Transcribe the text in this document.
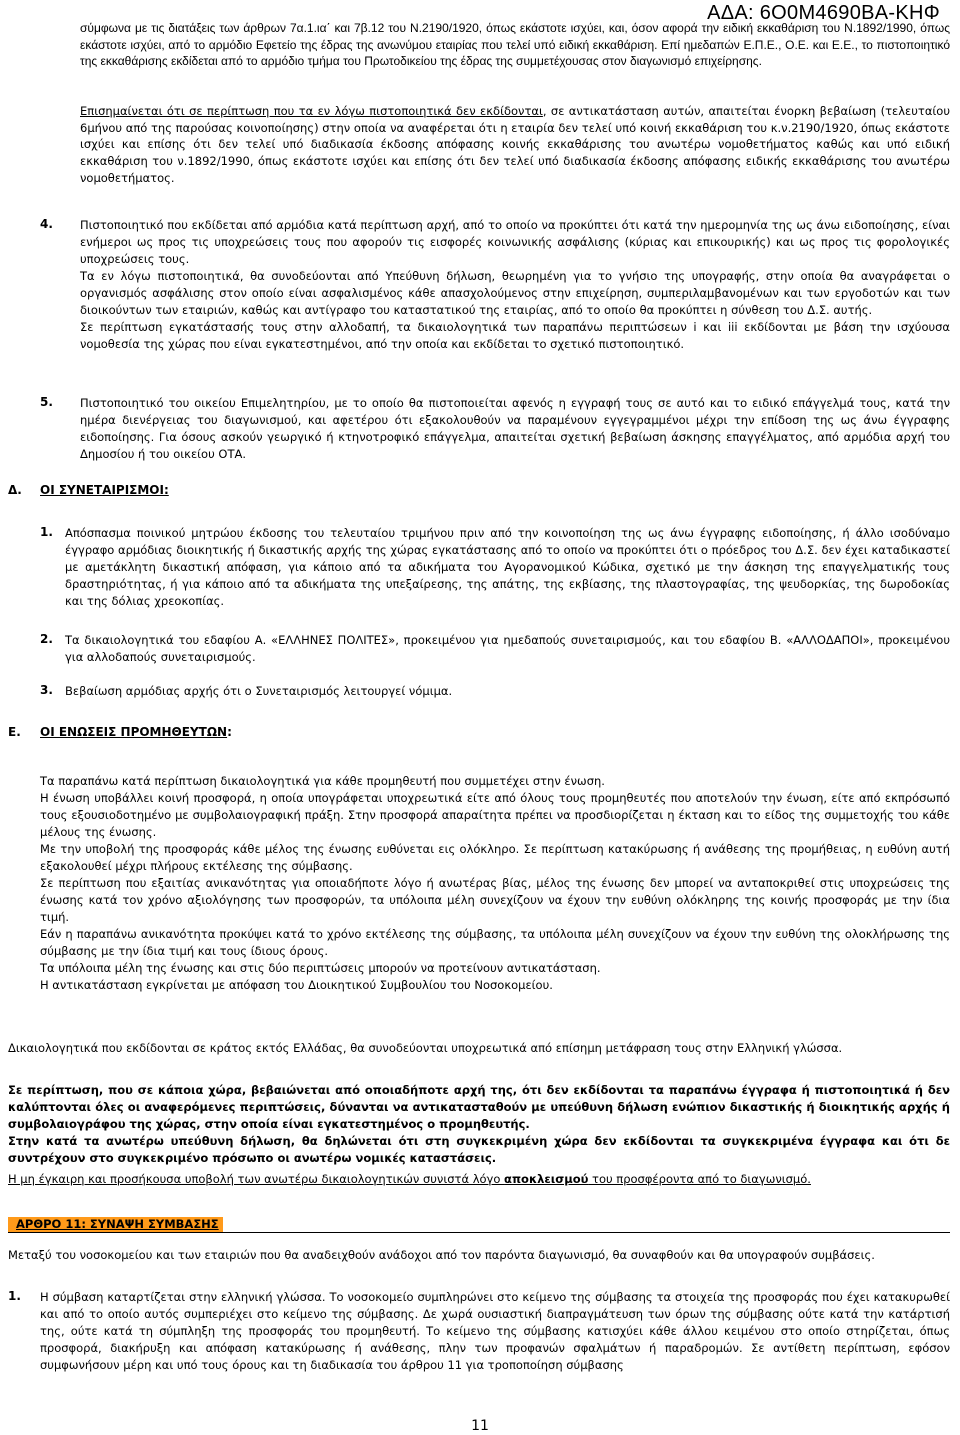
ΑΔΑ: 6Ο0Μ4690ΒΑ-ΚΗΦ

σύμφωνα με τις διατάξεις των άρθρων 7α.1.ια΄ και 7β.12 του Ν.2190/1920, όπως εκάστοτε ισχύει, και, όσον αφορά την ειδική εκκαθάριση του Ν.1892/1990, όπως εκάστοτε ισχύει, από το αρμόδιο Εφετείο της έδρας της ανωνύμου εταιρίας που τελεί υπό ειδική εκκαθάριση. Επί ημεδαπών Ε.Π.Ε., Ο.Ε. και Ε.Ε., το πιστοποιητικό της εκκαθάρισης εκδίδεται από το αρμόδιο τμήμα του Πρωτοδικείου της έδρας της συμμετέχουσας στον διαγωνισμό επιχείρησης.

Επισημαίνεται ότι σε περίπτωση που τα εν λόγω πιστοποιητικά δεν εκδίδονται, σε αντικατάσταση αυτών, απαιτείται ένορκη βεβαίωση (τελευταίου 6μήνου από της παρούσας κοινοποίησης) στην οποία να αναφέρεται ότι η εταιρία δεν τελεί υπό κοινή εκκαθάριση του κ.ν.2190/1920, όπως εκάστοτε ισχύει και επίσης ότι δεν τελεί υπό διαδικασία έκδοσης απόφασης κοινής εκκαθάρισης του ανωτέρω νομοθετήματος καθώς και υπό ειδική εκκαθάριση του ν.1892/1990, όπως εκάστοτε ισχύει και επίσης ότι δεν τελεί υπό διαδικασία έκδοσης απόφασης ειδικής εκκαθάρισης του ανωτέρω νομοθετήματος.

4. Πιστοποιητικό που εκδίδεται από αρμόδια κατά περίπτωση αρχή, από το οποίο να προκύπτει ότι κατά την ημερομηνία της ως άνω ειδοποίησης, είναι ενήμεροι ως προς τις υποχρεώσεις τους που αφορούν τις εισφορές κοινωνικής ασφάλισης (κύριας και επικουρικής) και ως προς τις φορολογικές υποχρεώσεις τους.

Τα εν λόγω πιστοποιητικά, θα συνοδεύονται από Υπεύθυνη δήλωση, θεωρημένη για το γνήσιο της υπογραφής, στην οποία θα αναγράφεται ο οργανισμός ασφάλισης στον οποίο είναι ασφαλισμένος κάθε απασχολούμενος στην επιχείρηση, συμπεριλαμβανομένων και των εργοδοτών και των διοικούντων των εταιριών, καθώς και αντίγραφο του καταστατικού της εταιρίας, από το οποίο θα προκύπτει η σύνθεση του Δ.Σ. αυτής.

Σε περίπτωση εγκατάστασής τους στην αλλοδαπή, τα δικαιολογητικά των παραπάνω περιπτώσεων i και iii εκδίδονται με βάση την ισχύουσα νομοθεσία της χώρας που είναι εγκατεστημένοι, από την οποία και εκδίδεται το σχετικό πιστοποιητικό.

5. Πιστοποιητικό του οικείου Επιμελητηρίου, με το οποίο θα πιστοποιείται αφενός η εγγραφή τους σε αυτό και το ειδικό επάγγελμά τους, κατά την ημέρα διενέργειας του διαγωνισμού, και αφετέρου ότι εξακολουθούν να παραμένουν εγγεγραμμένοι μέχρι την επίδοση της ως άνω έγγραφης ειδοποίησης. Για όσους ασκούν γεωργικό ή κτηνοτροφικό επάγγελμα, απαιτείται σχετική βεβαίωση άσκησης επαγγέλματος, από αρμόδια αρχή του Δημοσίου ή του οικείου ΟΤΑ.

Δ. ΟΙ ΣΥΝΕΤΑΙΡΙΣΜΟΙ:
1. Απόσπασμα ποινικού μητρώου έκδοσης του τελευταίου τριμήνου πριν από την κοινοποίηση της ως άνω έγγραφης ειδοποίησης, ή άλλο ισοδύναμο έγγραφο αρμόδιας διοικητικής ή δικαστικής αρχής της χώρας εγκατάστασης από το οποίο να προκύπτει ότι ο πρόεδρος του Δ.Σ. δεν έχει καταδικαστεί με αμετάκλητη δικαστική απόφαση, για κάποιο από τα αδικήματα του Αγορανομικού Κώδικα, σχετικό με την άσκηση της επαγγελματικής τους δραστηριότητας, ή για κάποιο από τα αδικήματα της υπεξαίρεσης, της απάτης, της εκβίασης, της πλαστογραφίας, της ψευδορκίας, της δωροδοκίας και της δόλιας χρεοκοπίας.

2. Τα δικαιολογητικά του εδαφίου Α. «ΕΛΛΗΝΕΣ ΠΟΛΙΤΕΣ», προκειμένου για ημεδαπούς συνεταιρισμούς, και του εδαφίου Β. «ΑΛΛΟΔΑΠΟΙ», προκειμένου για αλλοδαπούς συνεταιρισμούς.

3. Βεβαίωση αρμόδιας αρχής ότι ο Συνεταιρισμός λειτουργεί νόμιμα.

Ε. ΟΙ ΕΝΩΣΕΙΣ ΠΡΟΜΗΘΕΥΤΩΝ:

Τα παραπάνω κατά περίπτωση δικαιολογητικά για κάθε προμηθευτή που συμμετέχει στην ένωση.

Η ένωση υποβάλλει κοινή προσφορά, η οποία υπογράφεται υποχρεωτικά είτε από όλους τους προμηθευτές που αποτελούν την ένωση, είτε από εκπρόσωπό τους εξουσιοδοτημένο με συμβολαιογραφική πράξη. Στην προσφορά απαραίτητα πρέπει να προσδιορίζεται η έκταση και το είδος της συμμετοχής του κάθε μέλους της ένωσης.

Με την υποβολή της προσφοράς κάθε μέλος της ένωσης ευθύνεται εις ολόκληρο. Σε περίπτωση κατακύρωσης ή ανάθεσης της προμήθειας, η ευθύνη αυτή εξακολουθεί μέχρι πλήρους εκτέλεσης της σύμβασης.

Σε περίπτωση που εξαιτίας ανικανότητας για οποιαδήποτε λόγο ή ανωτέρας βίας, μέλος της ένωσης δεν μπορεί να ανταποκριθεί στις υποχρεώσεις της ένωσης κατά τον χρόνο αξιολόγησης των προσφορών, τα υπόλοιπα μέλη συνεχίζουν να έχουν την ευθύνη ολόκληρης της κοινής προσφοράς με την ίδια τιμή.

Εάν η παραπάνω ανικανότητα προκύψει κατά το χρόνο εκτέλεσης της σύμβασης, τα υπόλοιπα μέλη συνεχίζουν να έχουν την ευθύνη της ολοκλήρωσης της σύμβασης με την ίδια τιμή και τους ίδιους όρους.

Τα υπόλοιπα μέλη της ένωσης και στις δύο περιπτώσεις μπορούν να προτείνουν αντικατάσταση.

Η αντικατάσταση εγκρίνεται με απόφαση του Διοικητικού Συμβουλίου του Νοσοκομείου.

Δικαιολογητικά που εκδίδονται σε κράτος εκτός Ελλάδας, θα συνοδεύονται υποχρεωτικά από επίσημη μετάφραση τους στην Ελληνική γλώσσα.

Σε περίπτωση, που σε κάποια χώρα, βεβαιώνεται από οποιαδήποτε αρχή της, ότι δεν εκδίδονται τα παραπάνω έγγραφα ή πιστοποιητικά ή δεν καλύπτονται όλες οι αναφερόμενες περιπτώσεις, δύνανται να αντικατασταθούν με υπεύθυνη δήλωση ενώπιον δικαστικής ή διοικητικής αρχής ή συμβολαιογράφου της χώρας, στην οποία είναι εγκατεστημένος ο προμηθευτής.

Στην κατά τα ανωτέρω υπεύθυνη δήλωση, θα δηλώνεται ότι στη συγκεκριμένη χώρα δεν εκδίδονται τα συγκεκριμένα έγγραφα και ότι δε συντρέχουν στο συγκεκριμένο πρόσωπο οι ανωτέρω νομικές καταστάσεις.

Η μη έγκαιρη και προσήκουσα υποβολή των ανωτέρω δικαιολογητικών συνιστά λόγο αποκλεισμού του προσφέροντα από το διαγωνισμό.

ΑΡΘΡΟ 11: ΣΥΝΑΨΗ ΣΥΜΒΑΣΗΣ

Μεταξύ του νοσοκομείου και των εταιριών που θα αναδειχθούν ανάδοχοι από τον παρόντα διαγωνισμό, θα συναφθούν και θα υπογραφούν συμβάσεις.

1. Η σύμβαση καταρτίζεται στην ελληνική γλώσσα. Το νοσοκομείο συμπληρώνει στο κείμενο της σύμβασης τα στοιχεία της προσφοράς που έχει κατακυρωθεί και από το οποίο αυτός συμπεριέχει στο κείμενο της σύμβασης. Δε χωρά ουσιαστική διαπραγμάτευση των όρων της σύμβασης ούτε κατά την κατάρτισή της, ούτε κατά τη σύμπληξη της προσφοράς του προμηθευτή. Το κείμενο της σύμβασης κατισχύει κάθε άλλου κειμένου στο οποίο στηρίζεται, όπως προσφορά, διακήρυξη και απόφαση κατακύρωσης ή ανάθεσης, πλην των προφανών σφαλμάτων ή παραδρομών. Σε αντίθετη περίπτωση, εφόσον συμφωνήσουν μέρη και υπό τους όρους και τη διαδικασία του άρθρου 11 για τροποποίηση σύμβασης

11
